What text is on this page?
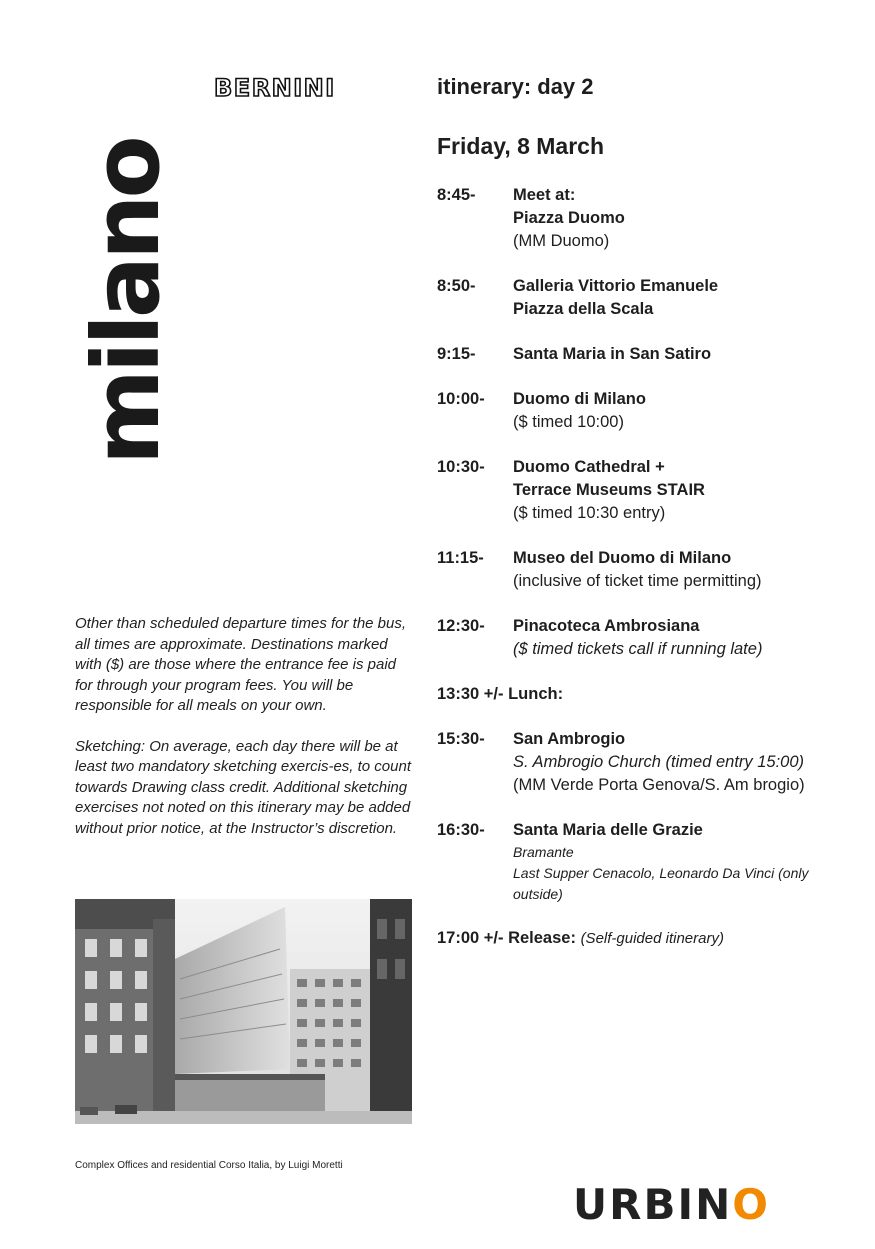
milano
BERNINI	itinerary: day 2
Friday, 8 March
8:45- Meet at:
Piazza Duomo
(MM Duomo)
8:50- Galleria Vittorio Emanuele
Piazza della Scala
9:15- Santa Maria in San Satiro
10:00- Duomo di Milano
($ timed 10:00)
10:30- Duomo Cathedral +
Terrace Museums STAIR
($ timed 10:30 entry)
11:15- Museo del Duomo di Milano
(inclusive of ticket time permitting)
12:30- Pinacoteca Ambrosiana
($ timed tickets call if running late)
13:30 +/- Lunch:

15:30- San Ambrogio
S. Ambrogio Church (timed entry 15:00)
(MM Verde Porta Genova/S. Am brogio)
16:30- Santa Maria delle Grazie
Bramante
Last Supper Cenacolo, Leonardo Da Vinci (only outside)
17:00 +/- Release: (Self-guided itinerary)

Other than scheduled departure times for the bus, all times are approximate. Destinations marked with ($) are those where the entrance fee is paid for through your program fees. You will be responsible for all meals on your own.

Sketching: On average, each day there will be at least two mandatory sketching exercis-es, to count towards Drawing class credit. Additional sketching exercises not noted on this itinerary may be added without prior notice, at the Instructor’s discretion.

Complex Offices and residential Corso Italia, by Luigi Moretti
URBINO
